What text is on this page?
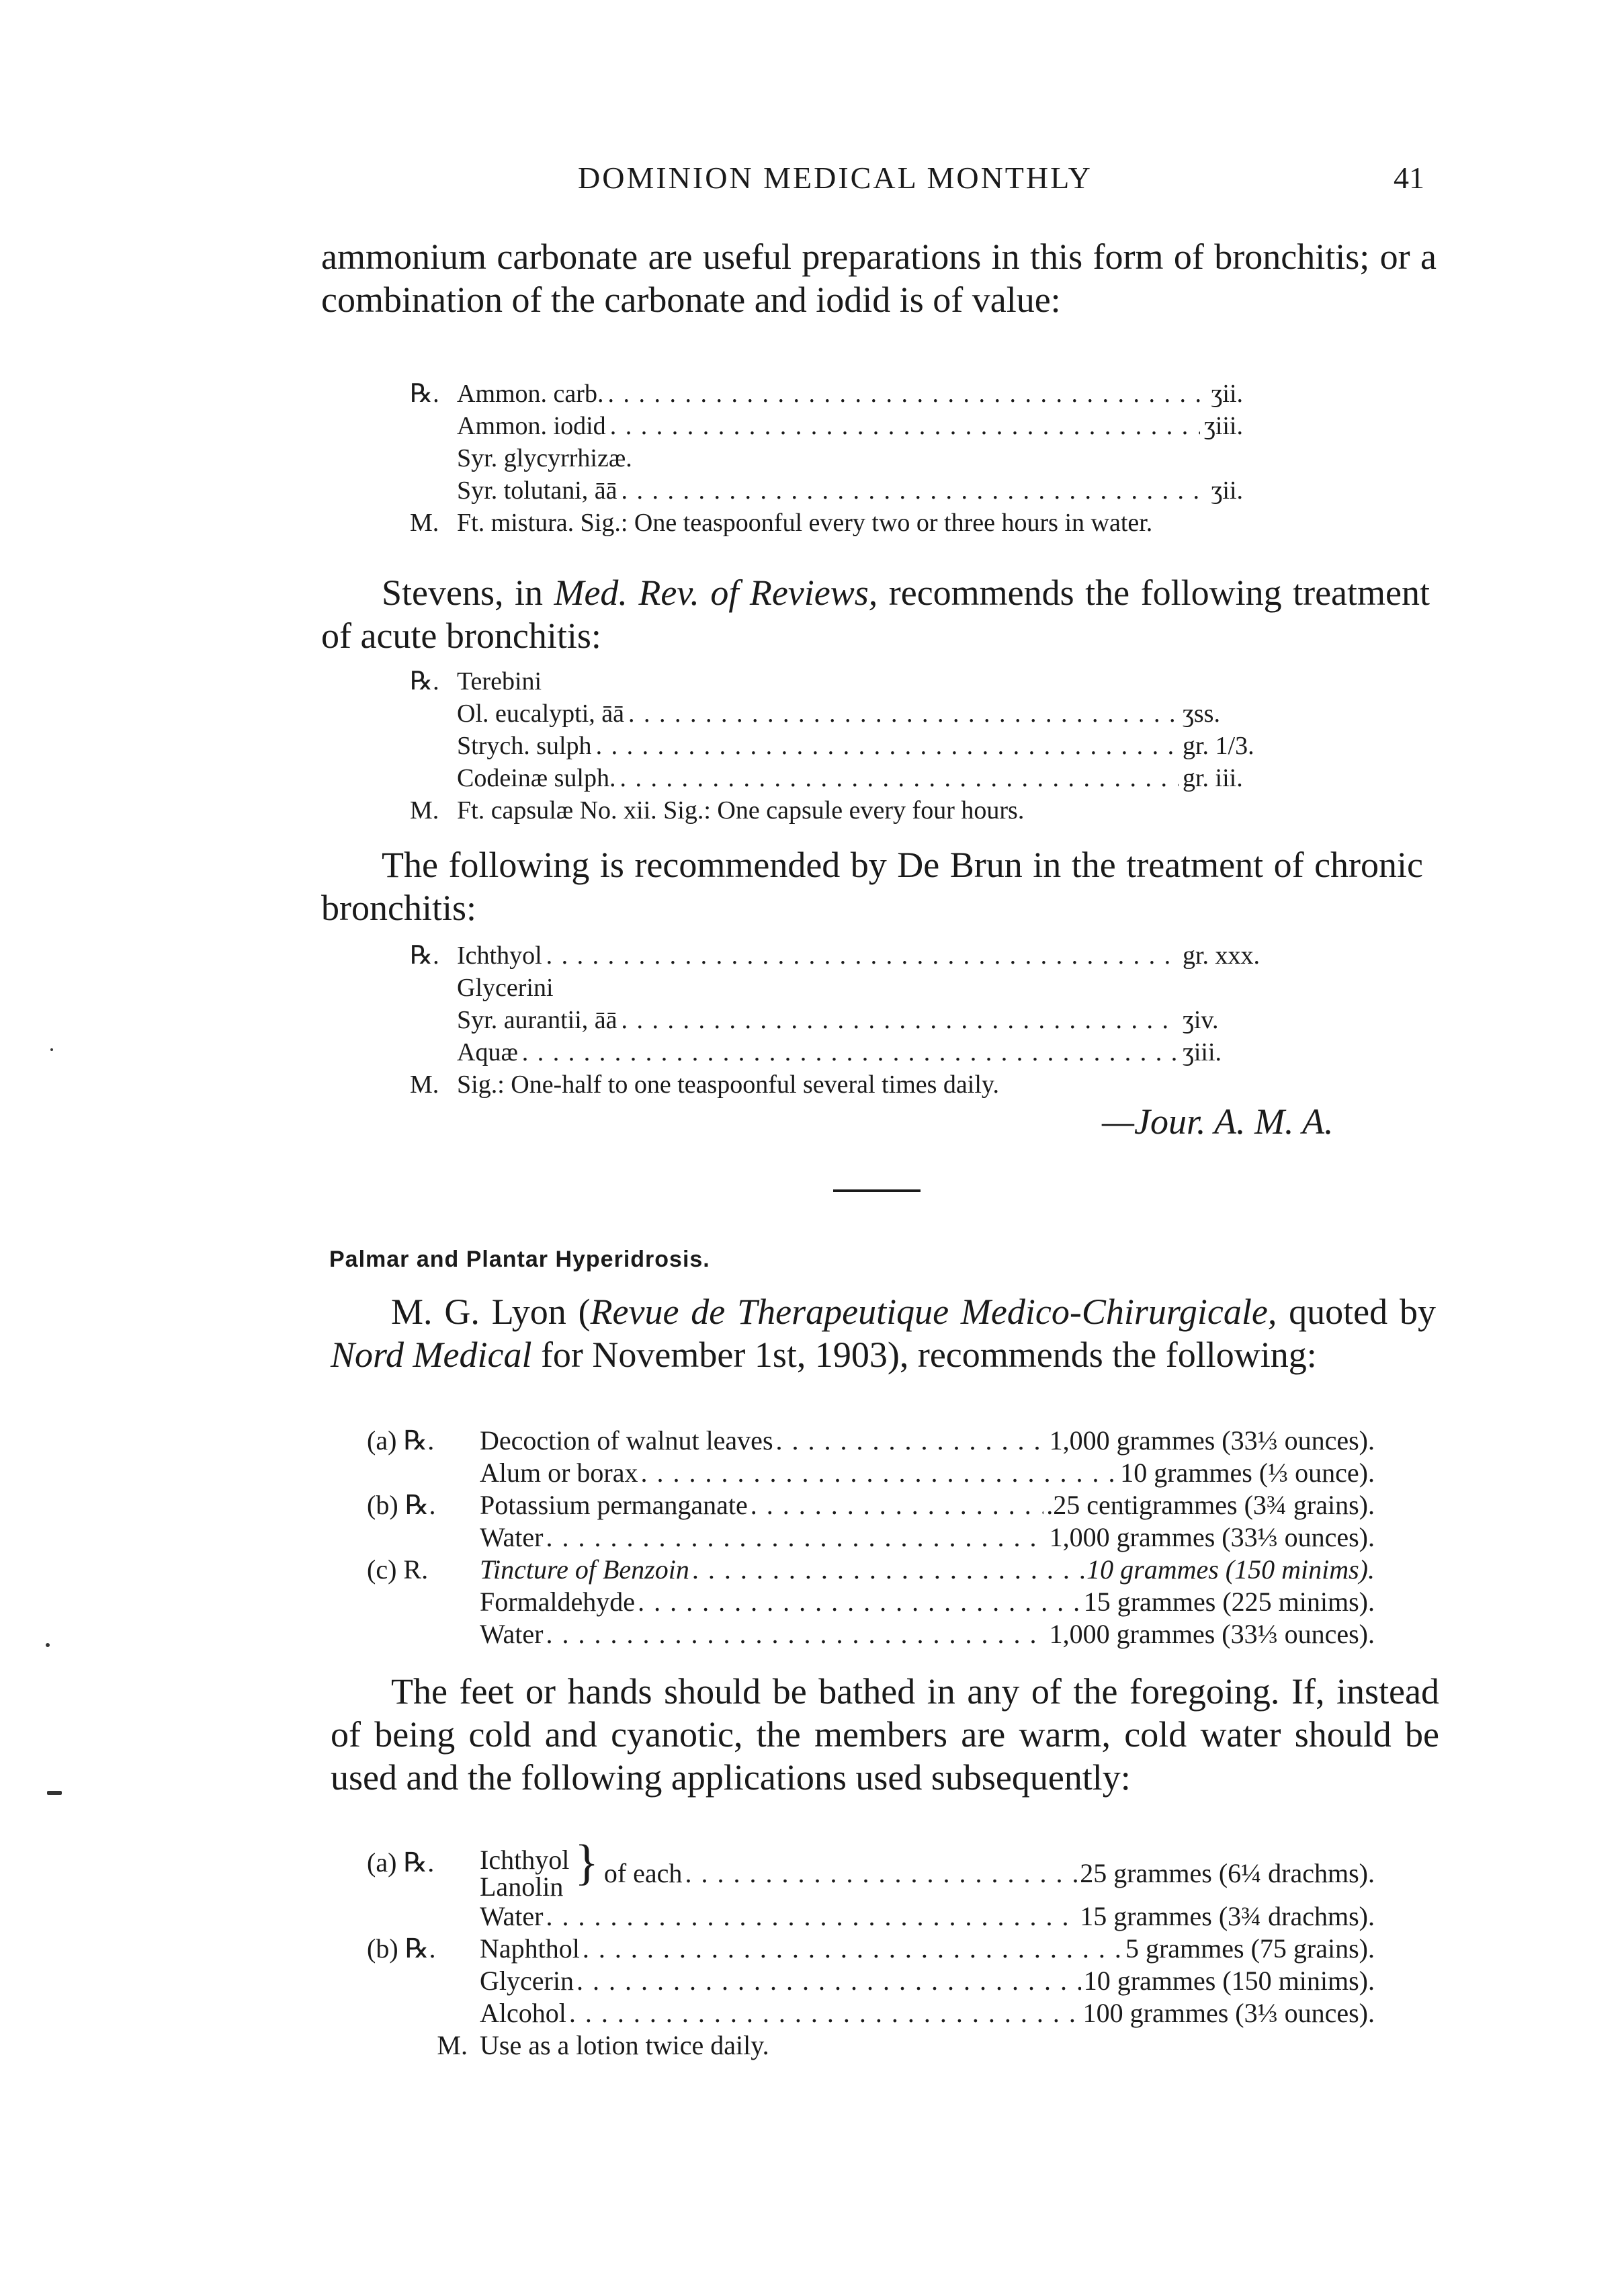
DOMINION MEDICAL MONTHLY	41

ammonium carbonate are useful preparations in this form of bronchitis; or a combination of the carbonate and iodid is of value:

℞. Ammon. carb. . . .	ʒii.
Ammon. iodid . . .	ʒiii.
Syr. glycyrrhizæ.
Syr. tolutani, āā . . .	ʒii.
M. Ft. mistura. Sig.: One teaspoonful every two or three hours in water.

Stevens, in Med. Rev. of Reviews, recommends the following treatment of acute bronchitis:

℞. Terebini
Ol. eucalypti, āā . . .	ʒss.
Strych. sulph . . .	gr. 1/3.
Codeinæ sulph. . . .	gr. iii.
M. Ft. capsulæ No. xii. Sig.: One capsule every four hours.

The following is recommended by De Brun in the treatment of chronic bronchitis:

℞. Ichthyol . . .	gr. xxx.
Glycerini
Syr. aurantii, āā . . .	ʒiv.
Aquæ . . .	ʒiii.
M. Sig.: One-half to one teaspoonful several times daily.
—Jour. A. M. A.
Palmar and Plantar Hyperidrosis.

M. G. Lyon (Revue de Therapeutique Medico-Chirurgicale, quoted by Nord Medical for November 1st, 1903), recommends the following:

(a) ℞.	Decoction of walnut leaves . . .	1,000 grammes (33⅓ ounces).
Alum or borax . . .	10 grammes (⅓ ounce).
(b) ℞.	Potassium permanganate . . .	.25 centigrammes (3¾ grains).
Water . . .	1,000 grammes (33⅓ ounces).
(c) R.	Tincture of Benzoin . . .	10 grammes (150 minims).
Formaldehyde . . .	15 grammes (225 minims).
Water . . .	1,000 grammes (33⅓ ounces).

The feet or hands should be bathed in any of the foregoing. If, instead of being cold and cyanotic, the members are warm, cold water should be used and the following applications used subsequently:

(a) ℞.	Ichthyol
Lanolin } of each . . .	25 grammes (6¼ drachms).
Water . . .	15 grammes (3¾ drachms).
(b) ℞.	Naphthol . . .	5 grammes (75 grains).
Glycerin . . .	10 grammes (150 minims).
Alcohol . . .	100 grammes (3⅓ ounces).
M. Use as a lotion twice daily.
